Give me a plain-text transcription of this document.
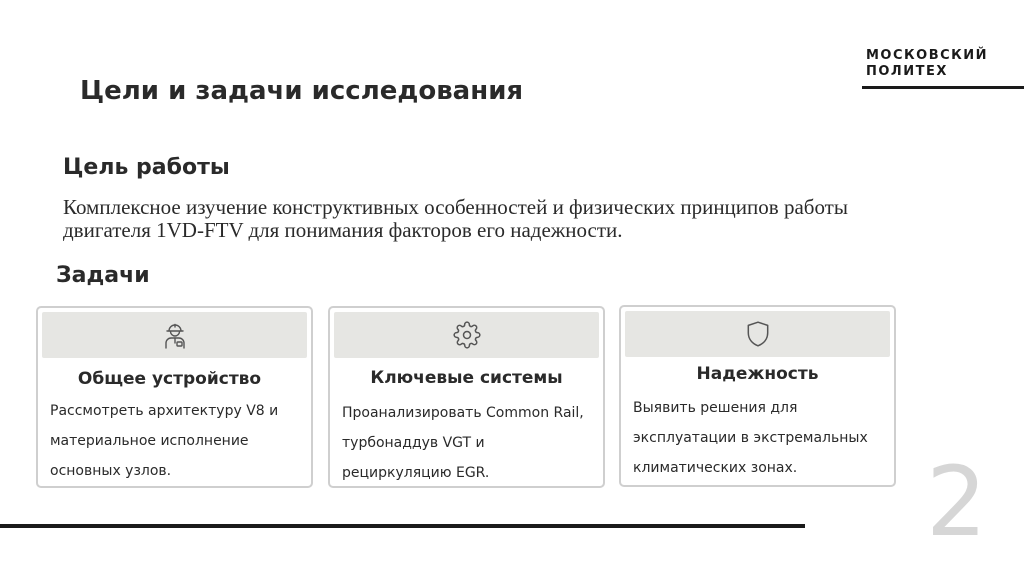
МОСКОВСКИЙ
ПОЛИТЕХ
Цели и задачи исследования
Цель работы
Комплексное изучение конструктивных особенностей и физических принципов работы двигателя 1VD-FTV для понимания факторов его надежности.
Задачи
Общее устройство
Рассмотреть архитектуру V8 и материальное исполнение основных узлов.
Ключевые системы
Проанализировать Common Rail, турбонаддув VGT и рециркуляцию EGR.
Надежность
Выявить решения для эксплуатации в экстремальных климатических зонах.	2
